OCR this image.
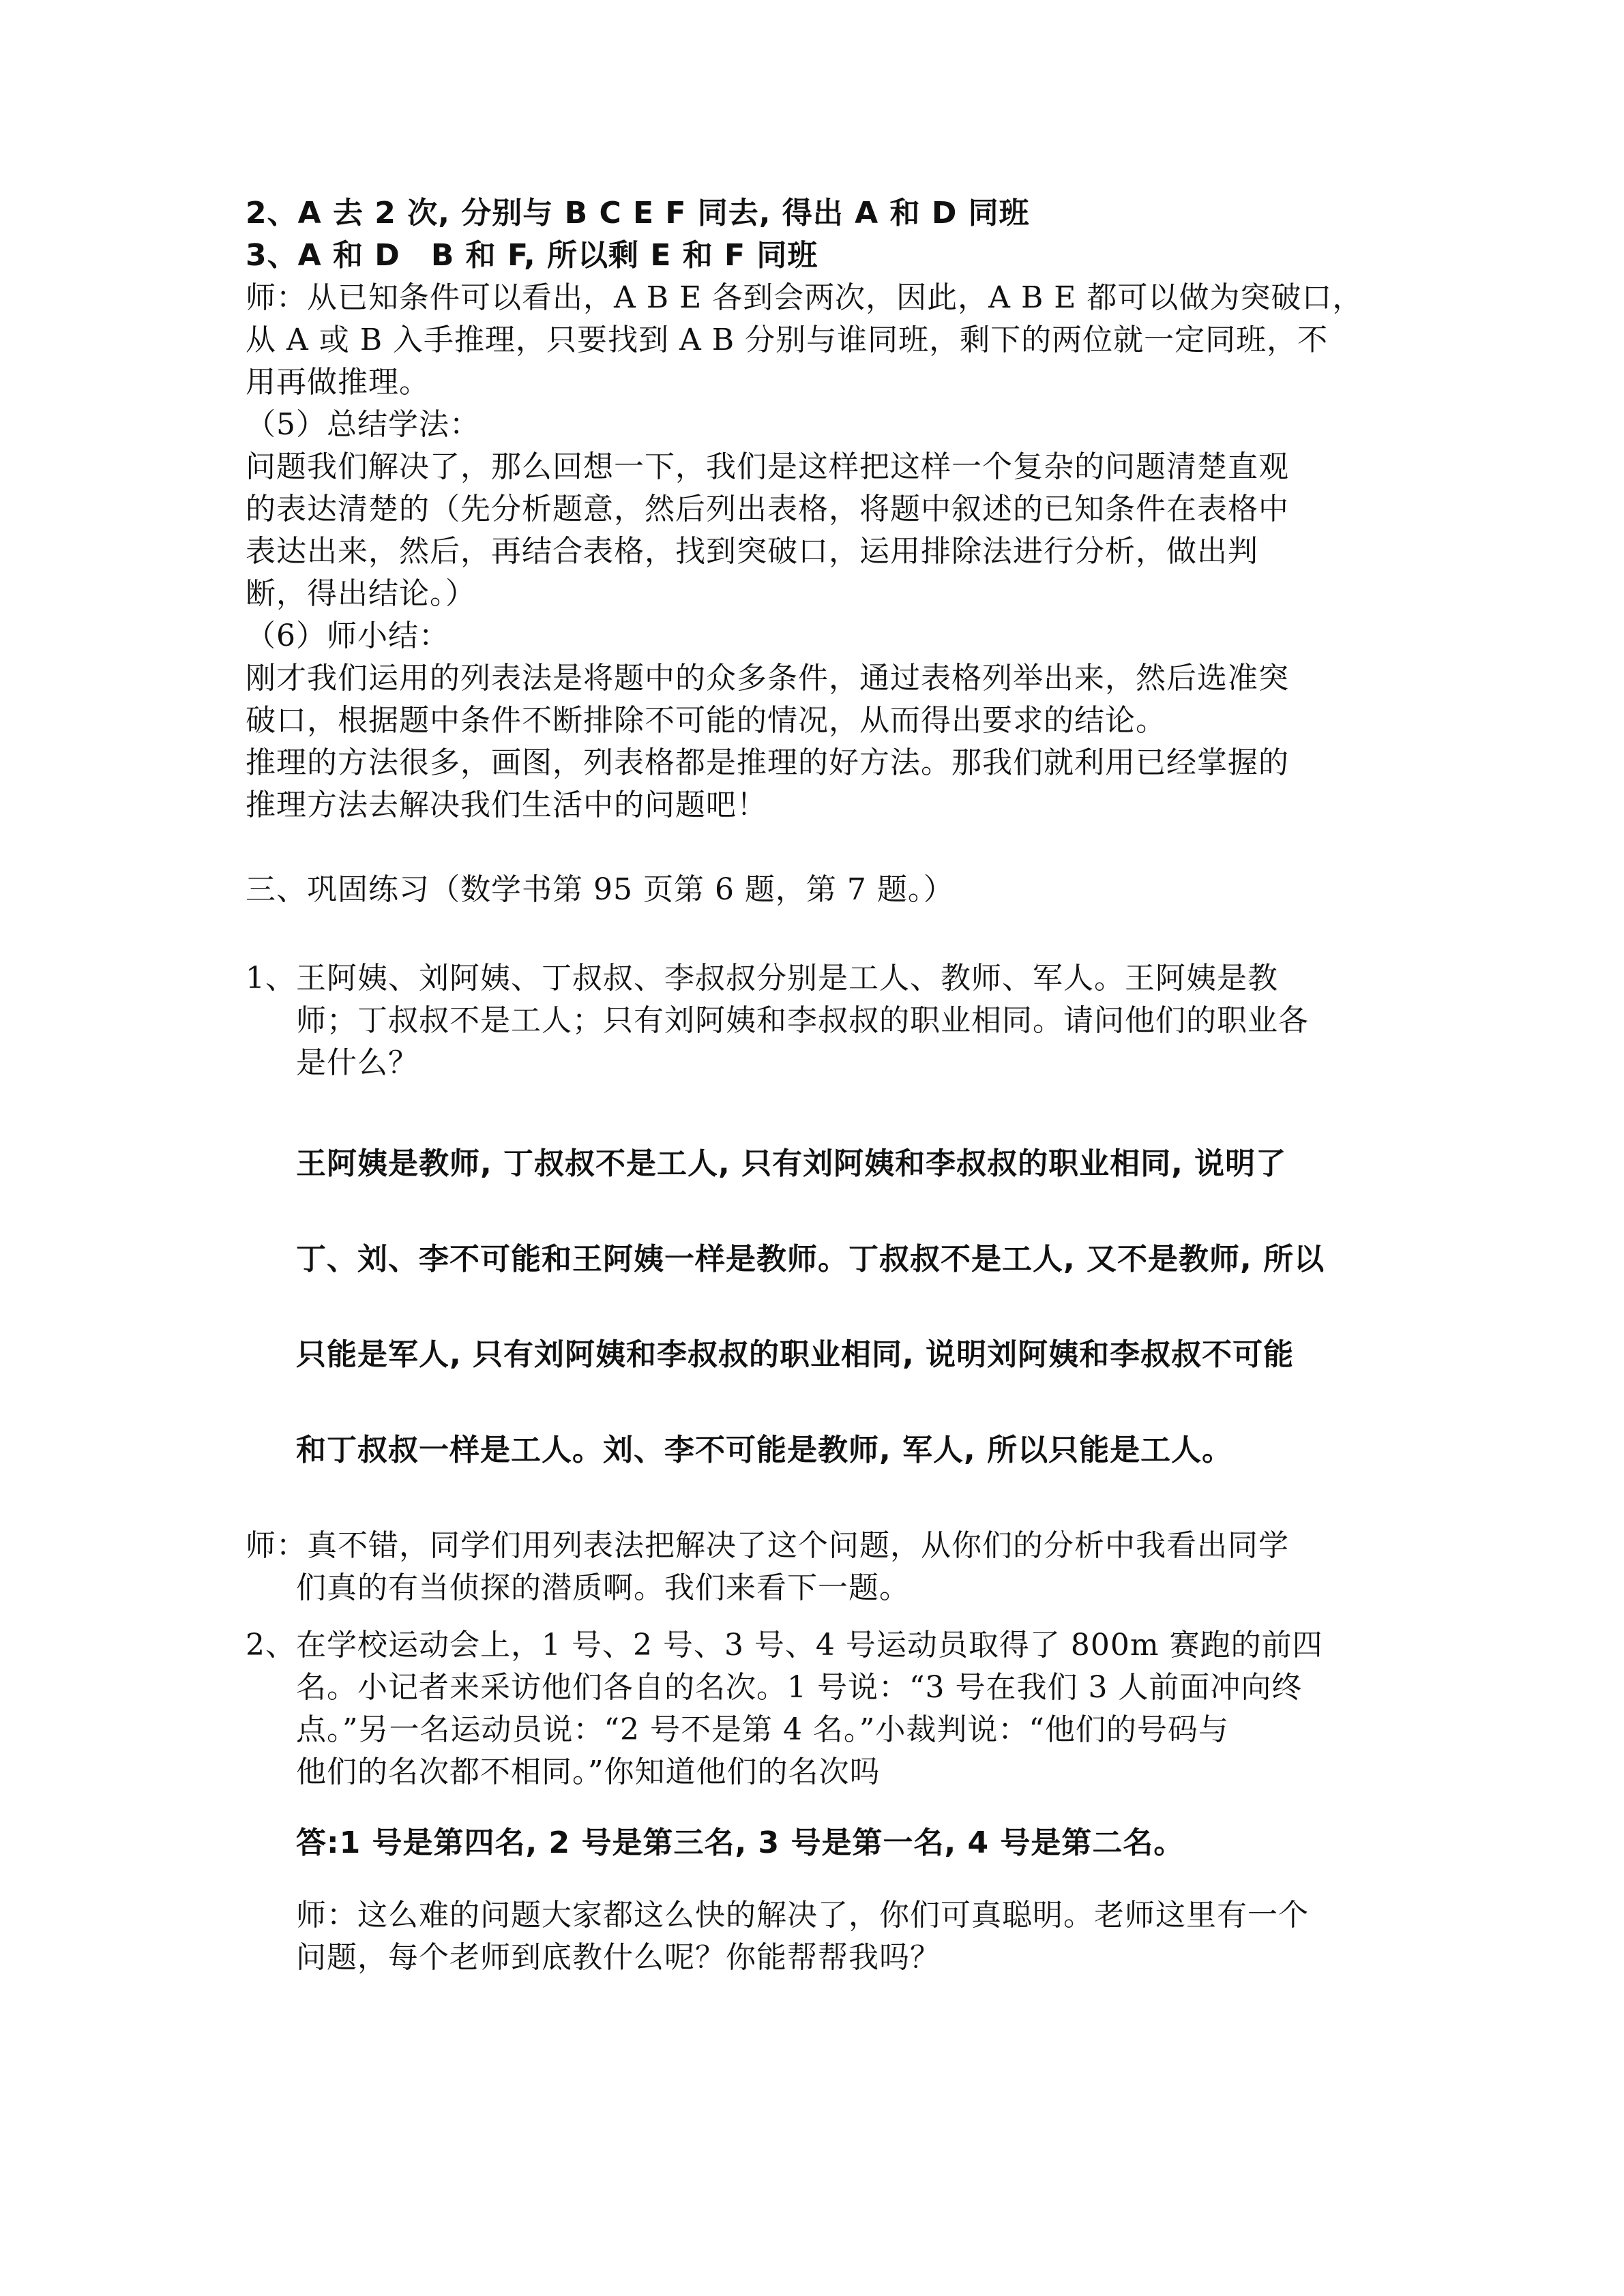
2、A 去 2 次, 分别与 B C E F 同去, 得出 A 和 D 同班
3、A 和 D　B 和 F, 所以剩 E 和 F 同班
师：从已知条件可以看出，A B E 各到会两次，因此，A B E 都可以做为突破口，
从 A 或 B 入手推理，只要找到 A B 分别与谁同班，剩下的两位就一定同班，不
用再做推理。
（5）总结学法：
问题我们解决了，那么回想一下，我们是这样把这样一个复杂的问题清楚直观
的表达清楚的（先分析题意，然后列出表格，将题中叙述的已知条件在表格中
表达出来，然后，再结合表格，找到突破口，运用排除法进行分析，做出判
断，得出结论。）
（6）师小结：
刚才我们运用的列表法是将题中的众多条件，通过表格列举出来，然后选准突
破口，根据题中条件不断排除不可能的情况，从而得出要求的结论。
推理的方法很多，画图，列表格都是推理的好方法。那我们就利用已经掌握的
推理方法去解决我们生活中的问题吧！
三、巩固练习（数学书第 95 页第 6 题，第 7 题。）
1、王阿姨、刘阿姨、丁叔叔、李叔叔分别是工人、教师、军人。王阿姨是教
师；丁叔叔不是工人；只有刘阿姨和李叔叔的职业相同。请问他们的职业各
是什么？
王阿姨是教师, 丁叔叔不是工人, 只有刘阿姨和李叔叔的职业相同, 说明了
丁、刘、李不可能和王阿姨一样是教师。丁叔叔不是工人, 又不是教师, 所以
只能是军人, 只有刘阿姨和李叔叔的职业相同, 说明刘阿姨和李叔叔不可能
和丁叔叔一样是工人。刘、李不可能是教师, 军人, 所以只能是工人。
师：真不错，同学们用列表法把解决了这个问题，从你们的分析中我看出同学
们真的有当侦探的潜质啊。我们来看下一题。
2、在学校运动会上，1 号、2 号、3 号、4 号运动员取得了 800m 赛跑的前四
名。小记者来采访他们各自的名次。1 号说：“3 号在我们 3 人前面冲向终
点。”另一名运动员说：“2 号不是第 4 名。”小裁判说：“他们的号码与
他们的名次都不相同。”你知道他们的名次吗
答:1 号是第四名, 2 号是第三名, 3 号是第一名, 4 号是第二名。
师：这么难的问题大家都这么快的解决了，你们可真聪明。老师这里有一个
问题，每个老师到底教什么呢？你能帮帮我吗？
